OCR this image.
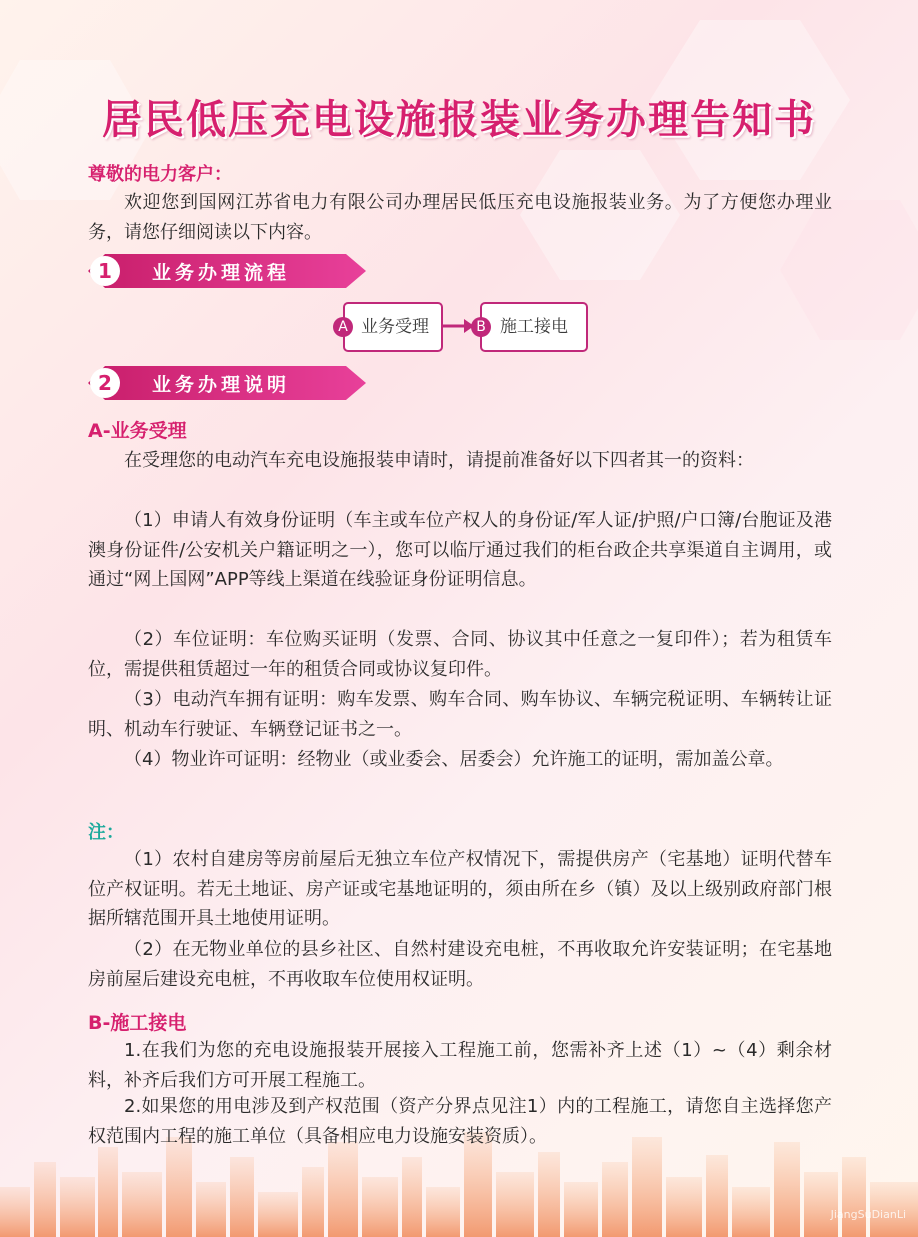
居民低压充电设施报装业务办理告知书
尊敬的电力客户：

欢迎您到国网江苏省电力有限公司办理居民低压充电设施报装业务。为了方便您办理业务，请您仔细阅读以下内容。

1	业务办理流程
业务受理
A	施工接电
B
2	业务办理说明
A-业务受理

在受理您的电动汽车充电设施报装申请时，请提前准备好以下四者其一的资料：

（1）申请人有效身份证明（车主或车位产权人的身份证/军人证/护照/户口簿/台胞证及港澳身份证件/公安机关户籍证明之一），您可以临厅通过我们的柜台政企共享渠道自主调用，或通过“网上国网”APP等线上渠道在线验证身份证明信息。

（2）车位证明：车位购买证明（发票、合同、协议其中任意之一复印件）；若为租赁车位，需提供租赁超过一年的租赁合同或协议复印件。

（3）电动汽车拥有证明：购车发票、购车合同、购车协议、车辆完税证明、车辆转让证明、机动车行驶证、车辆登记证书之一。

（4）物业许可证明：经物业（或业委会、居委会）允许施工的证明，需加盖公章。

注：

（1）农村自建房等房前屋后无独立车位产权情况下，需提供房产（宅基地）证明代替车位产权证明。若无土地证、房产证或宅基地证明的，须由所在乡（镇）及以上级别政府部门根据所辖范围开具土地使用证明。

（2）在无物业单位的县乡社区、自然村建设充电桩，不再收取允许安装证明；在宅基地房前屋后建设充电桩，不再收取车位使用权证明。

B-施工接电

1.在我们为您的充电设施报装开展接入工程施工前，您需补齐上述（1）~（4）剩余材料，补齐后我们方可开展工程施工。

2.如果您的用电涉及到产权范围（资产分界点见注1）内的工程施工，请您自主选择您产权范围内工程的施工单位（具备相应电力设施安装资质）。

JiangSuDianLi
